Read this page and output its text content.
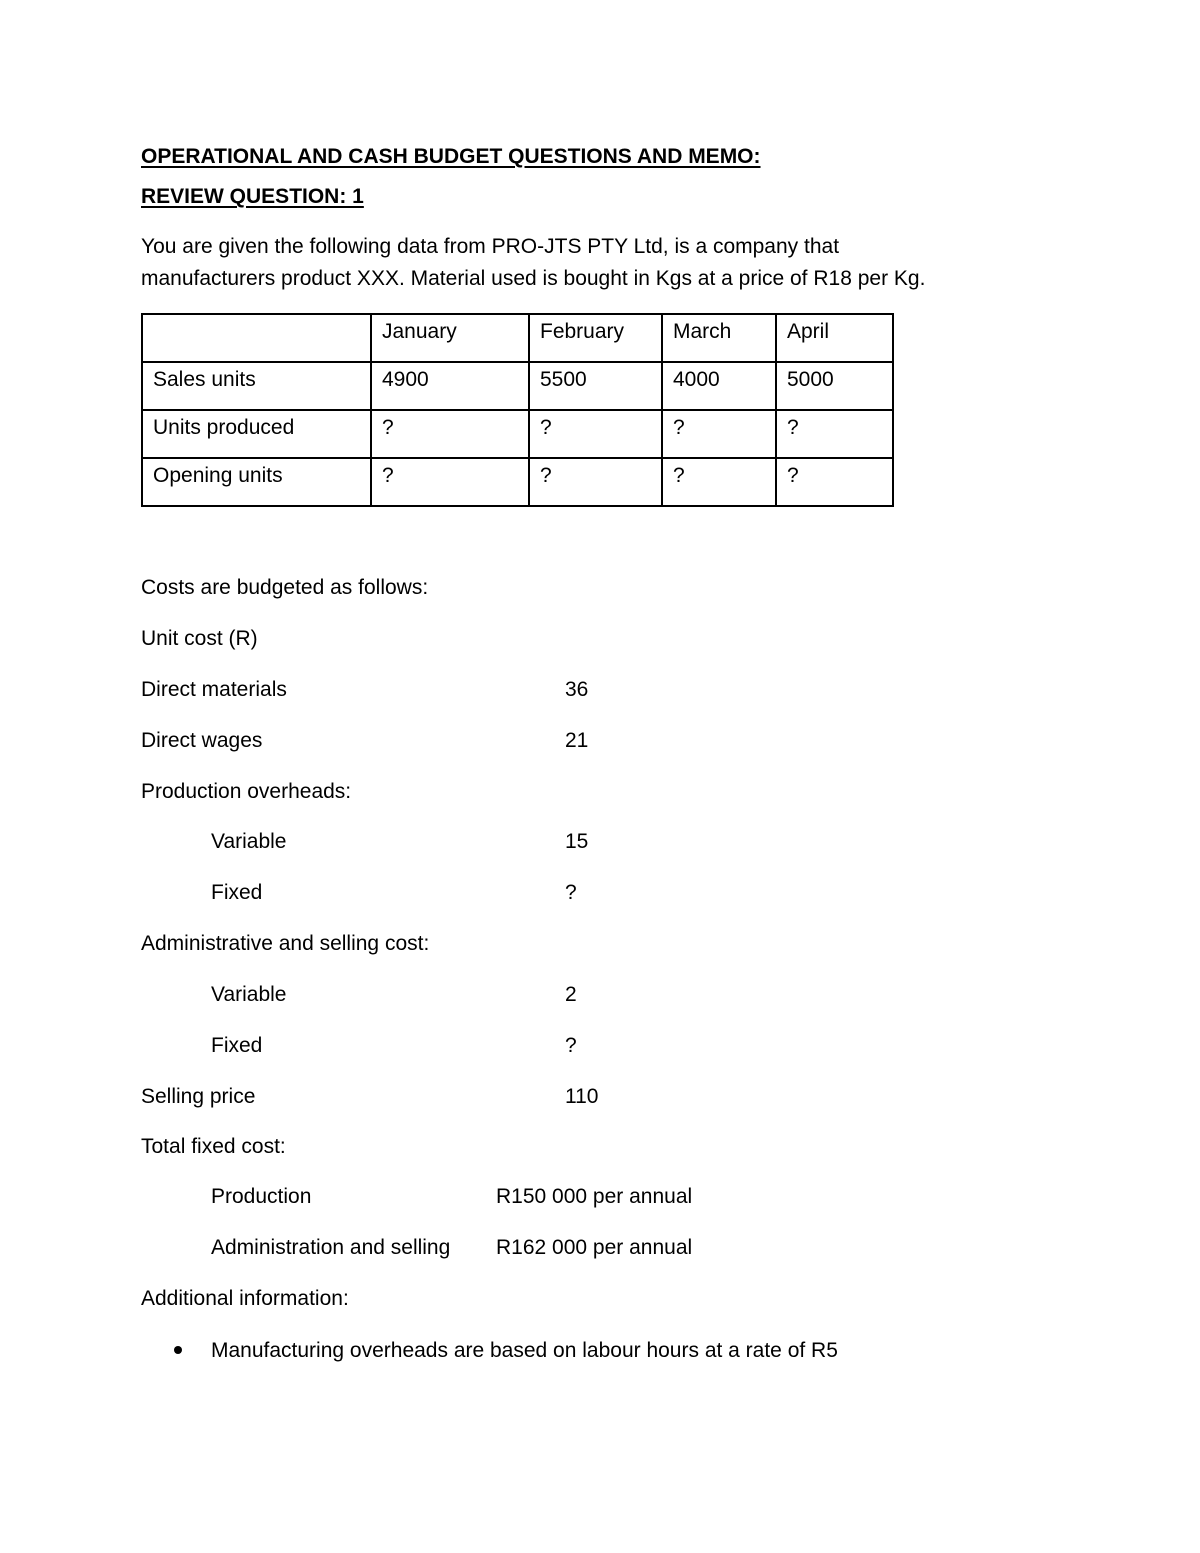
OPERATIONAL AND CASH BUDGET QUESTIONS AND MEMO:
REVIEW QUESTION: 1
You are given the following data from PRO-JTS PTY Ltd, is a company that
manufacturers product XXX. Material used is bought in Kgs at a price of R18 per Kg.
	January	February	March	April
Sales units	4900	5500	4000	5000
Units produced	?	?	?	?
Opening units	?	?	?	?
Costs are budgeted as follows:
Unit cost (R)
Direct materials	36
Direct wages	21
Production overheads:
Variable	15
Fixed	?
Administrative and selling cost:
Variable	2
Fixed	?
Selling price	110
Total fixed cost:
Production	R150 000 per annual
Administration and selling R162 000 per annual
Additional information:
Manufacturing overheads are based on labour hours at a rate of R5
